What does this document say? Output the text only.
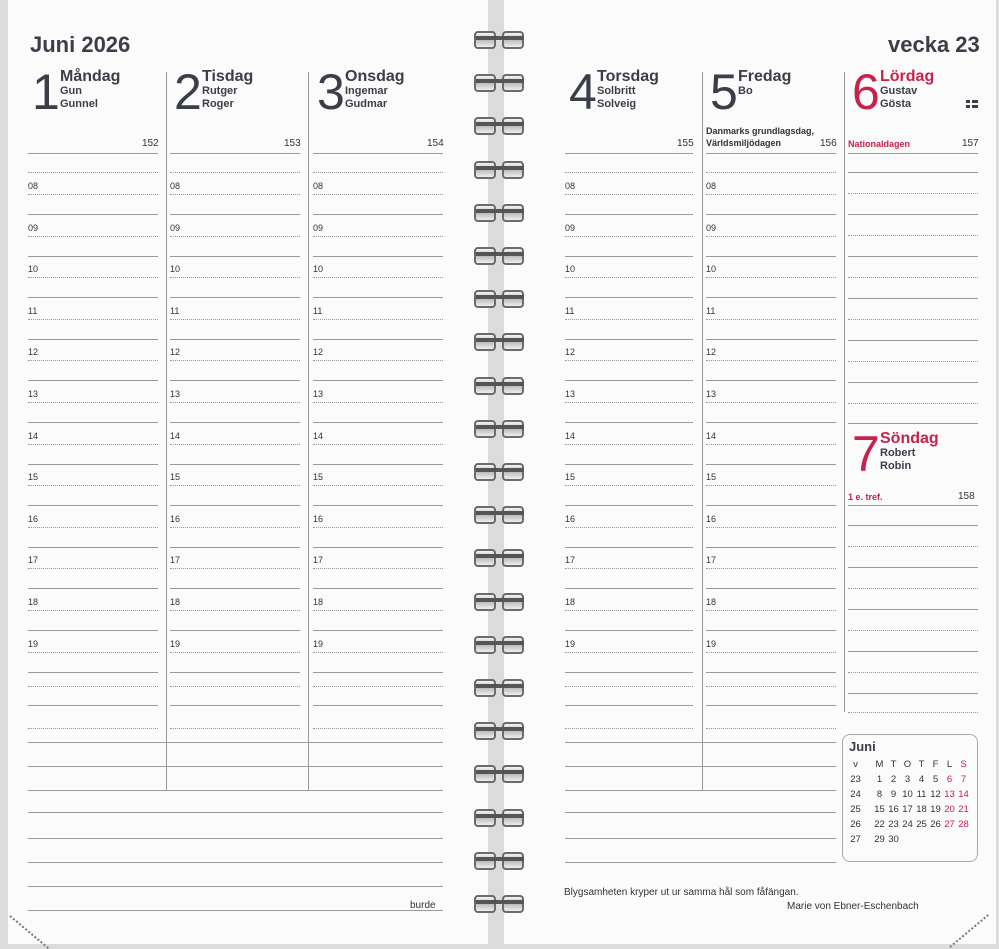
Juni 2026	vecka 23
1 Måndag
Gun
Gunnel
152
2 Tisdag
Rutger
Roger
153
3 Onsdag
Ingemar
Gudmar
154
4 Torsdag
Solbritt
Solveig
155
5 Fredag
Bo
156
Danmarks grundlagsdag,
Världsmiljödagen
6 Lördag
Gustav
Gösta
157
Nationaldagen
7 Söndag
Robert
Robin
158
1 e. tref.
08
09
10
11
12
13
14
15
16
17
18
19
08
09
10
11
12
13
14
15
16
17
18
19
08
09
10
11
12
13
14
15
16
17
18
19
08
09
10
11
12
13
14
15
16
17
18
19
08
09
10
11
12
13
14
15
16
17
18
19
Juni
v	M T O T F L S
23	1 2 3 4 5 6 7
24	8 9 10 11 12 13 14
25 15 16 17 18 19 20 21
26 22 23 24 25 26 27 28
27 29 30
Blygsamheten kryper ut ur samma hål som fåfängan.
Marie von Ebner-Eschenbach
burde
